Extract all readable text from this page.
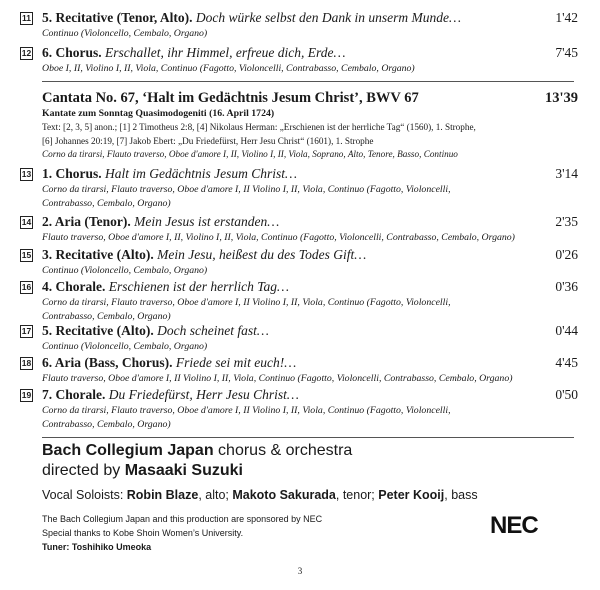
11 5. Recitative (Tenor, Alto). Doch würke selbst den Dank in unserm Munde…	1'42
Continuo (Violoncello, Cembalo, Organo)
12 6. Chorus. Erschallet, ihr Himmel, erfreue dich, Erde…	7'45
Oboe I, II, Violino I, II, Viola, Continuo (Fagotto, Violoncelli, Contrabasso, Cembalo, Organo)
Cantata No. 67, ‘Halt im Gedächtnis Jesum Christ’, BWV 67	13'39
Kantate zum Sonntag Quasimodogeniti (16. April 1724)
Text: [2, 3, 5] anon.; [1] 2 Timotheus 2:8, [4] Nikolaus Herman: „Erschienen ist der herrliche Tag“ (1560), 1. Strophe,
[6] Johannes 20:19, [7] Jakob Ebert: „Du Friedefürst, Herr Jesu Christ“ (1601), 1. Strophe
Corno da tirarsi, Flauto traverso, Oboe d'amore I, II, Violino I, II, Viola, Soprano, Alto, Tenore, Basso, Continuo
13 1. Chorus. Halt im Gedächtnis Jesum Christ…	3'14
Corno da tirarsi, Flauto traverso, Oboe d'amore I, II Violino I, II, Viola, Continuo (Fagotto, Violoncelli,
Contrabasso, Cembalo, Organo)
14 2. Aria (Tenor). Mein Jesus ist erstanden…	2'35
Flauto traverso, Oboe d'amore I, II, Violino I, II, Viola, Continuo (Fagotto, Violoncelli, Contrabasso, Cembalo, Organo)
15 3. Recitative (Alto). Mein Jesu, heißest du des Todes Gift…	0'26
Continuo (Violoncello, Cembalo, Organo)
16 4. Chorale. Erschienen ist der herrlich Tag…	0'36
Corno da tirarsi, Flauto traverso, Oboe d'amore I, II Violino I, II, Viola, Continuo (Fagotto, Violoncelli,
Contrabasso, Cembalo, Organo)
17 5. Recitative (Alto). Doch scheinet fast…	0'44
Continuo (Violoncello, Cembalo, Organo)
18 6. Aria (Bass, Chorus). Friede sei mit euch!…	4'45
Flauto traverso, Oboe d'amore I, II Violino I, II, Viola, Continuo (Fagotto, Violoncelli, Contrabasso, Cembalo, Organo)
19 7. Chorale. Du Friedefürst, Herr Jesu Christ…	0'50
Corno da tirarsi, Flauto traverso, Oboe d'amore I, II Violino I, II, Viola, Continuo (Fagotto, Violoncelli,
Contrabasso, Cembalo, Organo)
Bach Collegium Japan chorus & orchestra
directed by Masaaki Suzuki
Vocal Soloists: Robin Blaze, alto; Makoto Sakurada, tenor; Peter Kooij, bass
The Bach Collegium Japan and this production are sponsored by NEC
Special thanks to Kobe Shoin Women’s University.
Tuner: Toshihiko Umeoka
NEC
3
